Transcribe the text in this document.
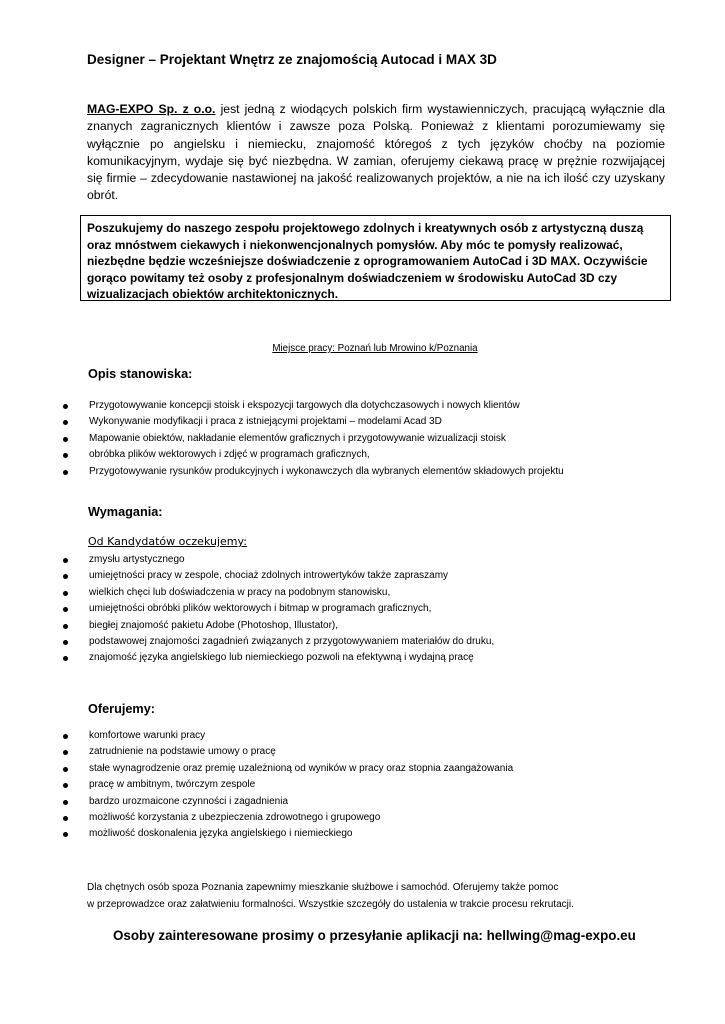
Designer – Projektant Wnętrz ze znajomością Autocad i MAX 3D
MAG-EXPO Sp. z o.o. jest jedną z wiodących polskich firm wystawienniczych, pracującą wyłącznie dla znanych zagranicznych klientów i zawsze poza Polską. Ponieważ z klientami porozumiewamy się wyłącznie po angielsku i niemiecku, znajomość któregoś z tych języków choćby na poziomie komunikacyjnym, wydaje się być niezbędna. W zamian, oferujemy ciekawą pracę w prężnie rozwijającej się firmie – zdecydowanie nastawionej na jakość realizowanych projektów, a nie na ich ilość czy uzyskany obrót.
Poszukujemy do naszego zespołu projektowego zdolnych i kreatywnych osób z artystyczną duszą oraz mnóstwem ciekawych i niekonwencjonalnych pomysłów. Aby móc te pomysły realizować, niezbędne będzie wcześniejsze doświadczenie z oprogramowaniem AutoCad i 3D MAX. Oczywiście gorąco powitamy też osoby z profesjonalnym doświadczeniem w środowisku AutoCad 3D czy wizualizacjach obiektów architektonicznych.
Miejsce pracy: Poznań lub Mrowino k/Poznania
Opis stanowiska:
Przygotowywanie koncepcji stoisk i ekspozycji targowych dla dotychczasowych i nowych klientów
Wykonywanie modyfikacji i praca z istniejącymi projektami – modelami Acad 3D
Mapowanie obiektów, nakładanie elementów graficznych i przygotowywanie wizualizacji stoisk
obróbka plików wektorowych i zdjęć w programach graficznych,
Przygotowywanie rysunków produkcyjnych i wykonawczych dla wybranych elementów składowych projektu
Wymagania:
Od Kandydatów oczekujemy:
zmysłu artystycznego
umiejętności pracy w zespole, chociaż zdolnych introwertyków także zapraszamy
wielkich chęci lub doświadczenia w pracy na podobnym stanowisku,
umiejętności obróbki plików wektorowych i bitmap w programach graficznych,
biegłej znajomość pakietu Adobe (Photoshop, Illustator),
podstawowej znajomości zagadnień związanych z przygotowywaniem materiałów do druku,
znajomość języka angielskiego lub niemieckiego pozwoli na efektywną i wydajną pracę
Oferujemy:
komfortowe warunki pracy
zatrudnienie na podstawie umowy o pracę
stałe wynagrodzenie oraz premię uzależnioną od wyników w pracy oraz stopnia zaangażowania
pracę w ambitnym, twórczym zespole
bardzo urozmaicone czynności i zagadnienia
możliwość korzystania z ubezpieczenia zdrowotnego i grupowego
możliwość doskonalenia języka angielskiego i niemieckiego
Dla chętnych osób spoza Poznania zapewnimy mieszkanie służbowe i samochód. Oferujemy także pomoc
w przeprowadzce oraz załatwieniu formalności. Wszystkie szczegóły do ustalenia w trakcie procesu rekrutacji.
Osoby zainteresowane prosimy o przesyłanie aplikacji na: hellwing@mag-expo.eu
